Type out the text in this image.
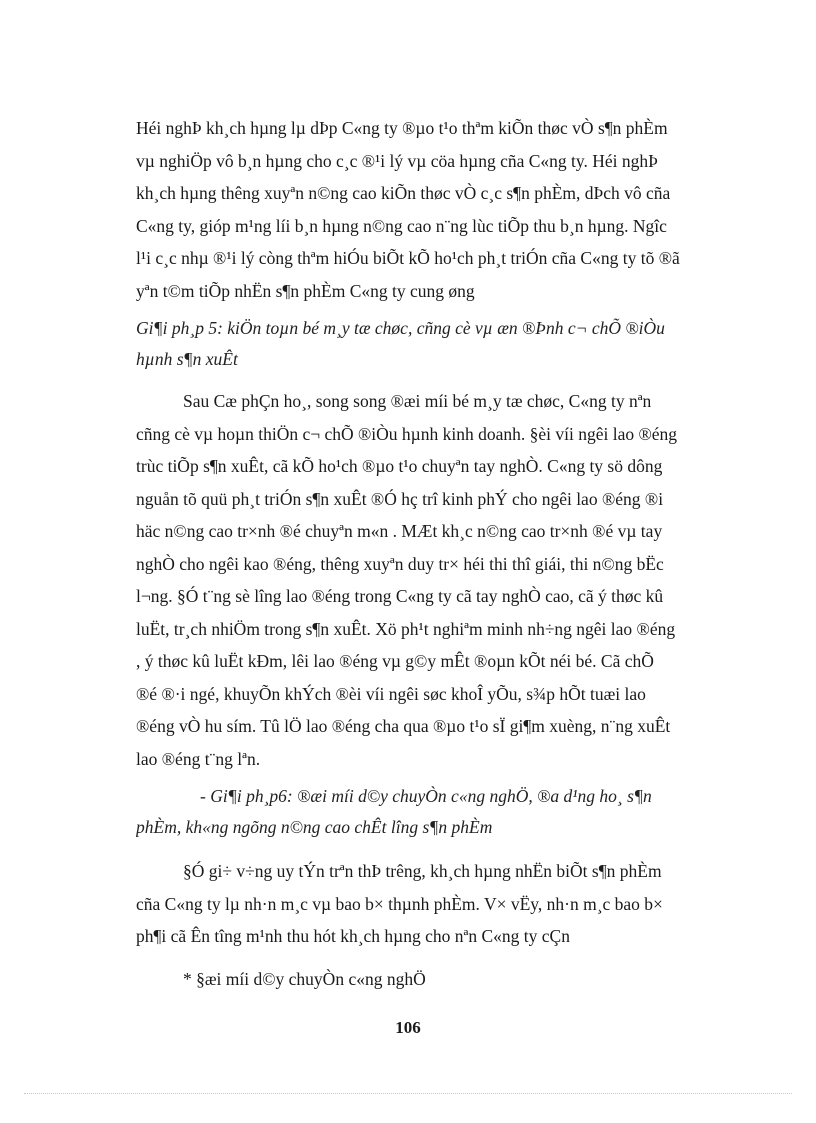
Héi nghÞ kh¸ch hµng lµ dÞp C«ng ty ®µo t¹o thªm kiÕn thøc vÒ s¶n phÈm
vµ nghiÖp vô b¸n hµng cho c¸c ®¹i lý vµ cöa hµng cña C«ng ty. Héi nghÞ
kh¸ch hµng thêng xuyªn n©ng cao kiÕn thøc vÒ c¸c s¶n phÈm, dÞch vô cña
C«ng ty, gióp m¹ng líi b¸n hµng n©ng cao n¨ng lùc tiÕp thu b¸n hµng. Ngîc
l¹i c¸c nhµ ®¹i lý còng thªm hiÓu biÕt kÕ ho¹ch ph¸t triÓn cña C«ng ty tõ ®ã
yªn t©m tiÕp nhËn s¶n phÈm C«ng ty cung øng
Gi¶i ph¸p 5: kiÖn toµn bé m¸y tæ chøc, cñng cè vµ æn ®Þnh c¬ chÕ ®iÒu
hµnh s¶n xuÊt
Sau Cæ phÇn ho¸, song song ®æi míi bé m¸y tæ chøc, C«ng ty nªn
cñng cè vµ hoµn thiÖn c¬ chÕ ®iÒu hµnh kinh doanh. §èi víi ngêi lao ®éng
trùc tiÕp s¶n xuÊt, cã kÕ ho¹ch ®µo t¹o chuyªn tay nghÒ. C«ng ty sö dông
nguån tõ quü ph¸t triÓn s¶n xuÊt ®Ó hç trî kinh phÝ cho ngêi lao ®éng ®i
häc n©ng cao tr×nh ®é chuyªn m«n . MÆt kh¸c n©ng cao tr×nh ®é vµ tay
nghÒ cho ngêi kao ®éng, thêng xuyªn duy tr× héi thi thî giái, thi n©ng bËc
l¬ng. §Ó t¨ng sè lîng lao ®éng trong C«ng ty cã tay nghÒ cao, cã ý thøc kû
luËt, tr¸ch nhiÖm trong s¶n xuÊt. Xö ph¹t nghiªm minh nh÷ng ngêi lao ®éng
, ý thøc kû luËt kÐm, lêi lao ®éng vµ g©y mÊt ®oµn kÕt néi bé. Cã chÕ
®é ®·i ngé, khuyÕn khÝch ®èi víi ngêi søc khoÎ yÕu, s¾p hÕt tuæi lao
®éng vÒ hu sím. Tû lÖ lao ®éng cha qua ®µo t¹o sÏ gi¶m xuèng, n¨ng xuÊt
lao ®éng t¨ng lªn.
- Gi¶i ph¸p6: ®æi míi d©y chuyÒn c«ng nghÖ, ®a d¹ng ho¸ s¶n
phÈm, kh«ng ngõng n©ng cao chÊt lîng s¶n phÈm
§Ó gi÷ v÷ng uy tÝn trªn thÞ trêng, kh¸ch hµng nhËn biÕt s¶n phÈm
cña C«ng ty lµ nh·n m¸c vµ bao b× thµnh phÈm. V× vËy, nh·n m¸c bao b×
ph¶i cã Ên tîng m¹nh thu hót kh¸ch hµng cho nªn C«ng ty cÇn
* §æi míi d©y chuyÒn c«ng nghÖ
106
